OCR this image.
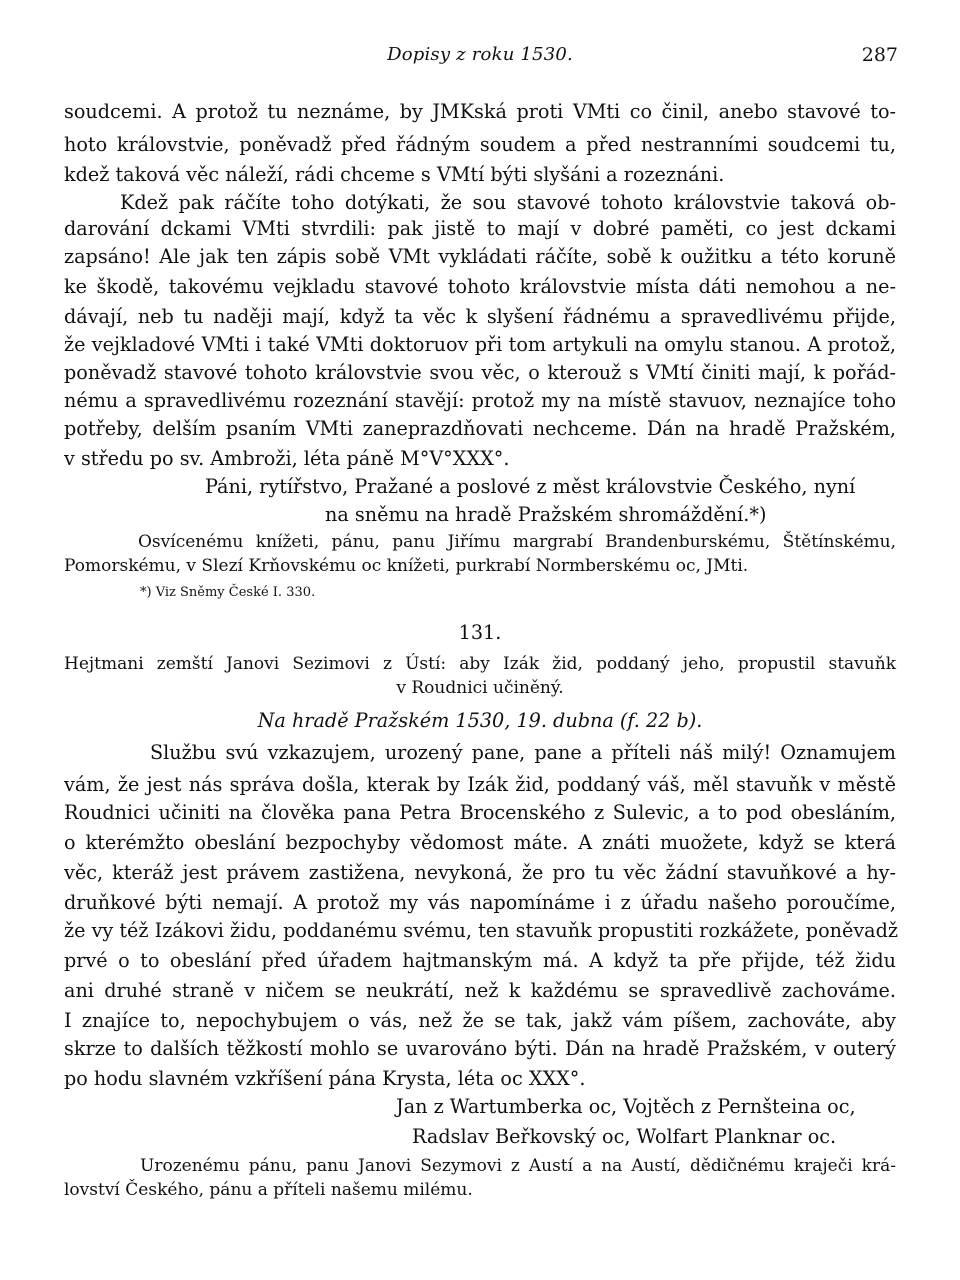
Dopisy z roku 1530.	287
soudcemi. A protož tu neznáme, by JMKská proti VMti co činil, anebo stavové to-
hoto královstvie, poněvadž před řádným soudem a před nestranními soudcemi tu,
kdež taková věc náleží, rádi chceme s VMtí býti slyšáni a rozeznáni.
Kdež pak ráčíte toho dotýkati, že sou stavové tohoto královstvie taková ob-
darování dckami VMti stvrdili: pak jistě to mají v dobré paměti, co jest dckami
zapsáno! Ale jak ten zápis sobě VMt vykládati ráčíte, sobě k oužitku a této koruně
ke škodě, takovému vejkladu stavové tohoto královstvie místa dáti nemohou a ne-
dávají, neb tu naději mají, když ta věc k slyšení řádnému a spravedlivému přijde,
že vejkladové VMti i také VMti doktoruov při tom artykuli na omylu stanou. A protož,
poněvadž stavové tohoto královstvie svou věc, o kterouž s VMtí činiti mají, k pořád-
nému a spravedlivému rozeznání stavějí: protož my na místě stavuov, neznajíce toho
potřeby, delším psaním VMti zaneprazdňovati nechceme. Dán na hradě Pražském,
v středu po sv. Ambroži, léta páně M°V°XXX°.
Páni, rytířstvo, Pražané a poslové z měst královstvie Českého, nyní
na sněmu na hradě Pražském shromáždění.*)
Osvícenému knížeti, pánu, panu Jiřímu margrabí Brandenburskému, Štětínskému,
Pomorskému, v Slezí Krňovskému oc knížeti, purkrabí Normberskému oc, JMti.
*) Viz Sněmy České I. 330.
131.
Hejtmani zemští Janovi Sezimovi z Ústí: aby Izák žid, poddaný jeho, propustil stavuňk
v Roudnici učiněný.
Na hradě Pražském 1530, 19. dubna (f. 22 b).
Službu svú vzkazujem, urozený pane, pane a příteli náš milý! Oznamujem
vám, že jest nás správa došla, kterak by Izák žid, poddaný váš, měl stavuňk v městě
Roudnici učiniti na člověka pana Petra Brocenského z Sulevic, a to pod obesláním,
o kterémžto obeslání bezpochyby vědomost máte. A znáti muožete, když se která
věc, kteráž jest právem zastižena, nevykoná, že pro tu věc žádní stavuňkové a hy-
druňkové býti nemají. A protož my vás napomínáme i z úřadu našeho poroučíme,
že vy též Izákovi židu, poddanému svému, ten stavuňk propustiti rozkážete, poněvadž
prvé o to obeslání před úřadem hajtmanským má. A když ta pře přijde, též židu
ani druhé straně v ničem se neukrátí, než k každému se spravedlivě zachováme.
I znajíce to, nepochybujem o vás, než že se tak, jakž vám píšem, zachováte, aby
skrze to dalších těžkostí mohlo se uvarováno býti. Dán na hradě Pražském, v outerý
po hodu slavném vzkříšení pána Krysta, léta oc XXX°.
Jan z Wartumberka oc, Vojtěch z Pernšteina oc,
Radslav Beřkovský oc, Wolfart Planknar oc.
Urozenému pánu, panu Janovi Sezymovi z Austí a na Austí, dědičnému kraječi krá-
lovství Českého, pánu a příteli našemu milému.
